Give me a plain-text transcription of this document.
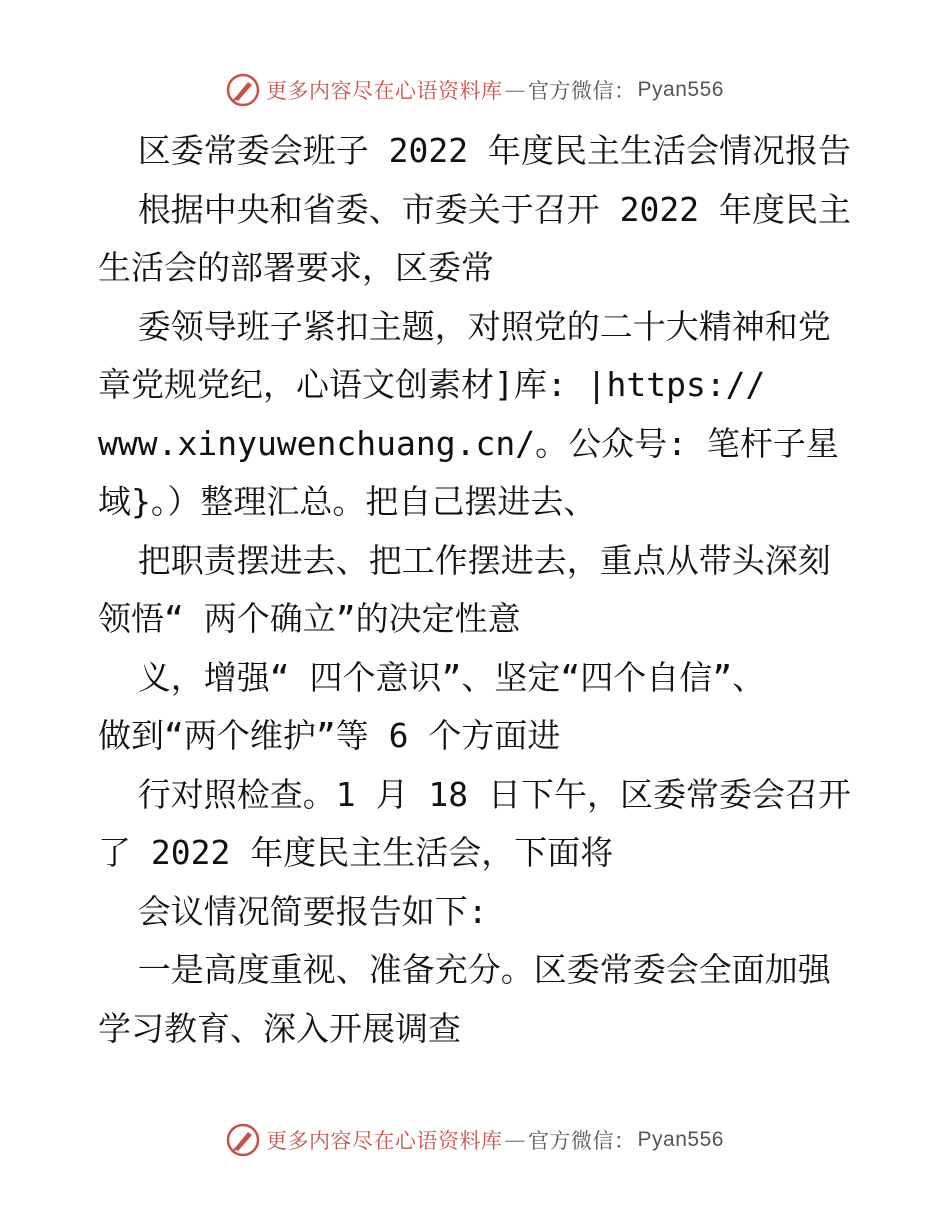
更多内容尽在心语资料库 — 官方微信： Pyan556
区委常委会班子 2022 年度民主生活会情况报告
根据中央和省委、市委关于召开 2022 年度民主
生活会的部署要求，区委常
委领导班子紧扣主题，对照党的二十大精神和党
章党规党纪，心语文创素材]库: |https://
www.xinyuwenchuang.cn/。公众号: 笔杆子星
域}。）整理汇总。把自己摆进去、
把职责摆进去、把工作摆进去，重点从带头深刻
领悟“ 两个确立”的决定性意
义，增强“ 四个意识”、坚定“四个自信”、
做到“两个维护”等 6 个方面进
行对照检查。1 月 18 日下午，区委常委会召开
了 2022 年度民主生活会，下面将
会议情况简要报告如下:
一是高度重视、准备充分。区委常委会全面加强
学习教育、深入开展调查
更多内容尽在心语资料库 — 官方微信： Pyan556
